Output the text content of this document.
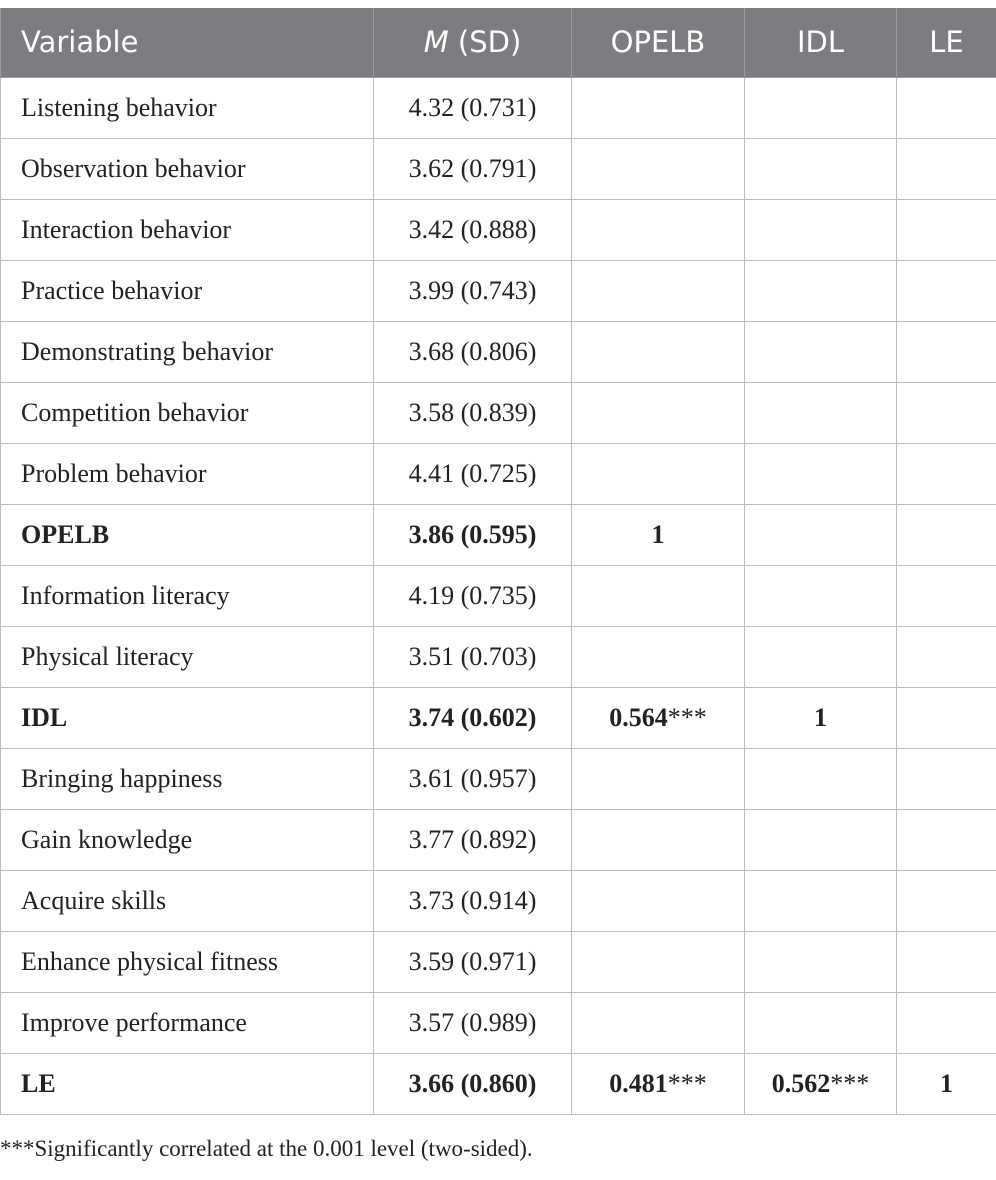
Variable	M (SD)	OPELB	IDL	LE
Listening behavior	4.32 (0.731)			
Observation behavior	3.62 (0.791)			
Interaction behavior	3.42 (0.888)			
Practice behavior	3.99 (0.743)			
Demonstrating behavior	3.68 (0.806)			
Competition behavior	3.58 (0.839)			
Problem behavior	4.41 (0.725)			
OPELB	3.86 (0.595)	1		
Information literacy	4.19 (0.735)			
Physical literacy	3.51 (0.703)			
IDL	3.74 (0.602)	0.564***	1	
Bringing happiness	3.61 (0.957)			
Gain knowledge	3.77 (0.892)			
Acquire skills	3.73 (0.914)			
Enhance physical fitness	3.59 (0.971)			
Improve performance	3.57 (0.989)			
LE	3.66 (0.860)	0.481***	0.562***	1
***Significantly correlated at the 0.001 level (two-sided).
